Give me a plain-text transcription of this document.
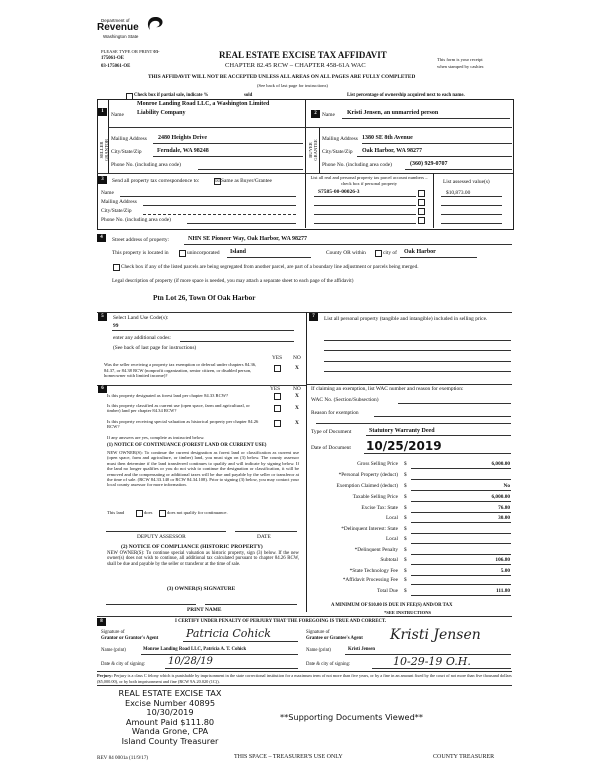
Department of
Revenue
Washington State
PLEASE TYPE OR PRINT 03-
175061-OE
03-175061-OE
REAL ESTATE EXCISE TAX AFFIDAVIT
CHAPTER 82.45 RCW – CHAPTER 458-61A WAC
This form is your receipt
when stamped by cashier.
THIS AFFIDAVIT WILL NOT BE ACCEPTED UNLESS ALL AREAS ON ALL PAGES ARE FULLY COMPLETED
(See back of last page for instructions)
Check box if partial sale, indicate %	sold	List percentage of ownership acquired next to each name.
1
SELLER GRANTOR
Name
Monroe Landing Road LLC, a Washington Limited
Liability Company
Mailing Address 2480 Heights Drive
City/State/Zip	Ferndale, WA 98248
Phone No. (including area code)
2
BUYER GRANTEE
Name Kristi Jensen, an unmarried person
Mailing Address 1380 SE 8th Avenue
City/State/Zip Oak Harbor, WA 98277
Phone No. (including area code)	(360) 929-0707
3	Send all property tax correspondence to:	☒ Same as Buyer/Grantee
Name
Mailing Address
City/State/Zip
Phone No. (including area code)
List all real and personal property tax parcel account numbers – check box if personal property	List assessed value(s)
S7585-00-00026-3	$10,873.00
4	Street address of property:	NHN SE Pioneer Way, Oak Harbor, WA 98277
This property is located in	unincorporated Island	County OR within	city of Oak Harbor
Check box if any of the listed parcels are being segregated from another parcel, are part of a boundary line adjustment or parcels being merged.
Legal description of property (if more space is needed, you may attach a separate sheet to each page of the affidavit)
Ptn Lot 26, Town Of Oak Harbor
5	Select Land Use Code(s):
99
enter any additional codes:
(See back of last page for instructions)
YES NO
Was the seller receiving a property tax exemption or deferral under chapters 84.36, 84.37, or 84.38 RCW (nonprofit organization, senior citizen, or disabled person, homeowner with limited income)?
X
6	YES NO
Is this property designated as forest land per chapter 84.33 RCW?	X
Is this property classified as current use (open space, farm and agricultural, or timber) land per chapter 84.34 RCW?	X
Is this property receiving special valuation as historical property per chapter 84.26 RCW?
X
If any answers are yes, complete as instructed below.
(1) NOTICE OF CONTINUANCE (FOREST LAND OR CURRENT USE)
NEW OWNER(S): To continue the current designation as forest land or classification as current use (open space, farm and agriculture, or timber) land, you must sign on (3) below. The county assessor must then determine if the land transferred continues to qualify and will indicate by signing below. If the land no longer qualifies or you do not wish to continue the designation or classification, it will be removed and the compensating or additional taxes will be due and payable by the seller or transferor at the time of sale. (RCW 84.33.140 or RCW 84.34.108). Prior to signing (3) below, you may contact your local county assessor for more information.
This land	does	does not qualify for continuance.
DEPUTY ASSESSOR	DATE
(2) NOTICE OF COMPLIANCE (HISTORIC PROPERTY)
NEW OWNER(S): To continue special valuation as historic property, sign (3) below. If the new owner(s) does not wish to continue, all additional tax calculated pursuant to chapter 84.26 RCW, shall be due and payable by the seller or transferor at the time of sale.
(3) OWNER(S) SIGNATURE
PRINT NAME
7	List all personal property (tangible and intangible) included in selling price.
If claiming an exemption, list WAC number and reason for exemption:
WAC No. (Section/Subsection)
Reason for exemption
Type of Document	Statutory Warranty Deed
Date of Document 10/25/2019
Gross Selling Price $	6,000.00
*Personal Property (deduct) $
Exemption Claimed (deduct) $	No
Taxable Selling Price $	6,000.00
Excise Tax: State $	76.80
Local $	30.00
*Delinquent Interest: State $
Local $
*Delinquent Penalty $
Subtotal $	106.80
*State Technology Fee $	5.00
*Affidavit Processing Fee $
Total Due $	111.80
A MINIMUM OF $10.00 IS DUE IN FEE(S) AND/OR TAX
*SEE INSTRUCTIONS
8	I CERTIFY UNDER PENALTY OF PERJURY THAT THE FOREGOING IS TRUE AND CORRECT.
Signature of
Grantor or Grantor's Agent	Patricia Cohick	Signature of
Grantee or Grantee's Agent Kristi Jensen
Name (print)	Monroe Landing Road LLC, Patricia A. T. Cohick	Name (print)	Kristi Jensen
Date & city of signing: 10/28/19	Date & city of signing:	10-29-19 O.H.
Perjury: Perjury is a class C felony which is punishable by imprisonment in the state correctional institution for a maximum term of not more than five years, or by a fine in an amount fixed by the court of not more than five thousand dollars ($5,000.00), or by both imprisonment and fine (RCW 9A.20.020 (1C)).
REAL ESTATE EXCISE TAX
Excise Number 40895
10/30/2019
Amount Paid $111.80
Wanda Grone, CPA
Island County Treasurer
**Supporting Documents Viewed**
REV 84 0001a (11/9/17)	THIS SPACE – TREASURER'S USE ONLY	COUNTY TREASURER
